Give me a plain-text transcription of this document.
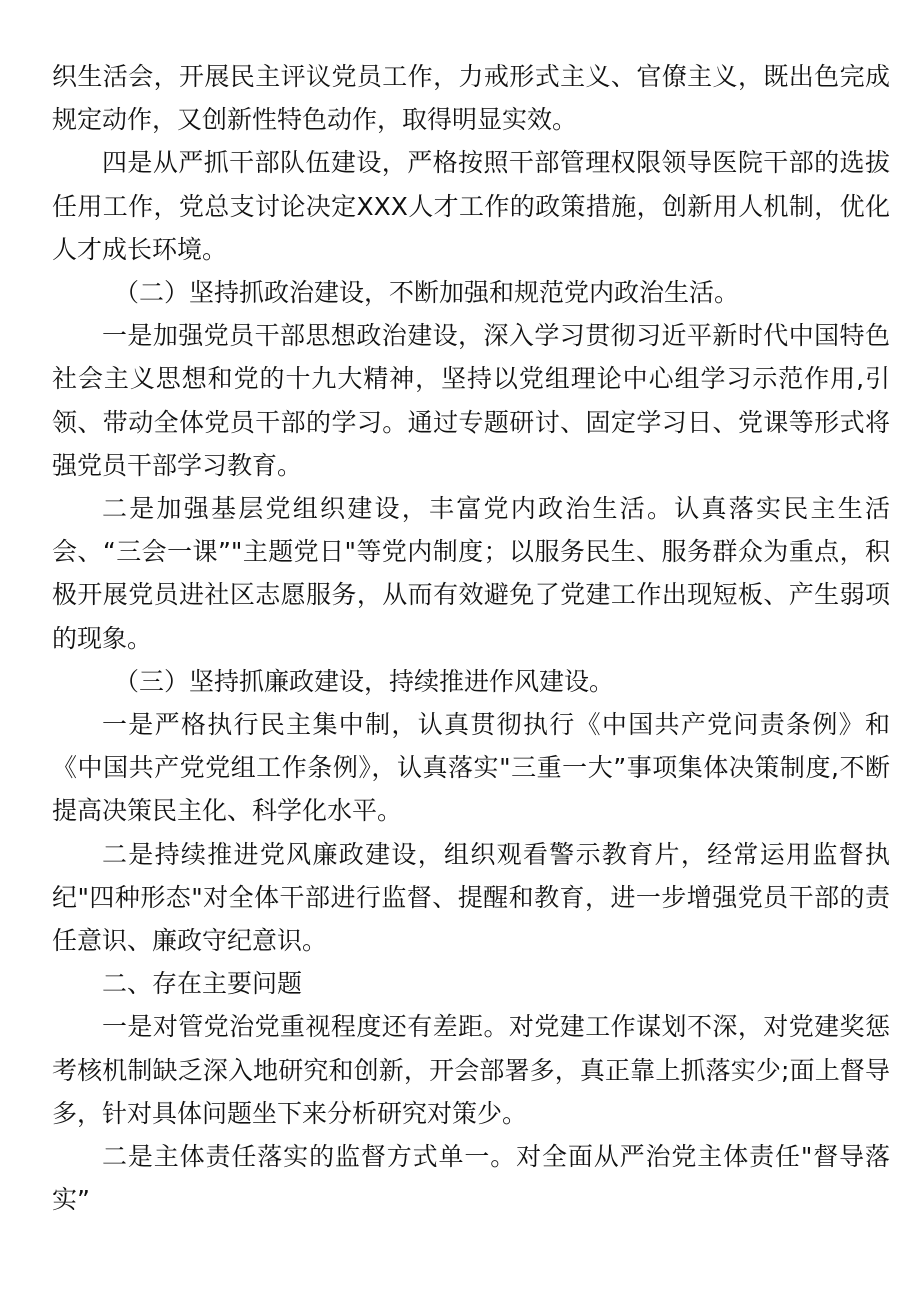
织生活会，开展民主评议党员工作，力戒形式主义、官僚主义，既出色完成规定动作，又创新性特色动作，取得明显实效。

四是从严抓干部队伍建设，严格按照干部管理权限领导医院干部的选拔任用工作，党总支讨论决定XXX人才工作的政策措施，创新用人机制，优化人才成长环境。

（二）坚持抓政治建设，不断加强和规范党内政治生活。

一是加强党员干部思想政治建设，深入学习贯彻习近平新时代中国特色社会主义思想和党的十九大精神，坚持以党组理论中心组学习示范作用,引领、带动全体党员干部的学习。通过专题研讨、固定学习日、党课等形式将强党员干部学习教育。

二是加强基层党组织建设，丰富党内政治生活。认真落实民主生活会、“三会一课”"主题党日"等党内制度；以服务民生、服务群众为重点，积极开展党员进社区志愿服务，从而有效避免了党建工作出现短板、产生弱项的现象。

（三）坚持抓廉政建设，持续推进作风建设。

一是严格执行民主集中制，认真贯彻执行《中国共产党问责条例》和《中国共产党党组工作条例》，认真落实"三重一大”事项集体决策制度,不断提高决策民主化、科学化水平。

二是持续推进党风廉政建设，组织观看警示教育片，经常运用监督执纪"四种形态"对全体干部进行监督、提醒和教育，进一步增强党员干部的责任意识、廉政守纪意识。

二、存在主要问题

一是对管党治党重视程度还有差距。对党建工作谋划不深，对党建奖惩考核机制缺乏深入地研究和创新，开会部署多，真正靠上抓落实少;面上督导多，针对具体问题坐下来分析研究对策少。

二是主体责任落实的监督方式单一。对全面从严治党主体责任"督导落实”
